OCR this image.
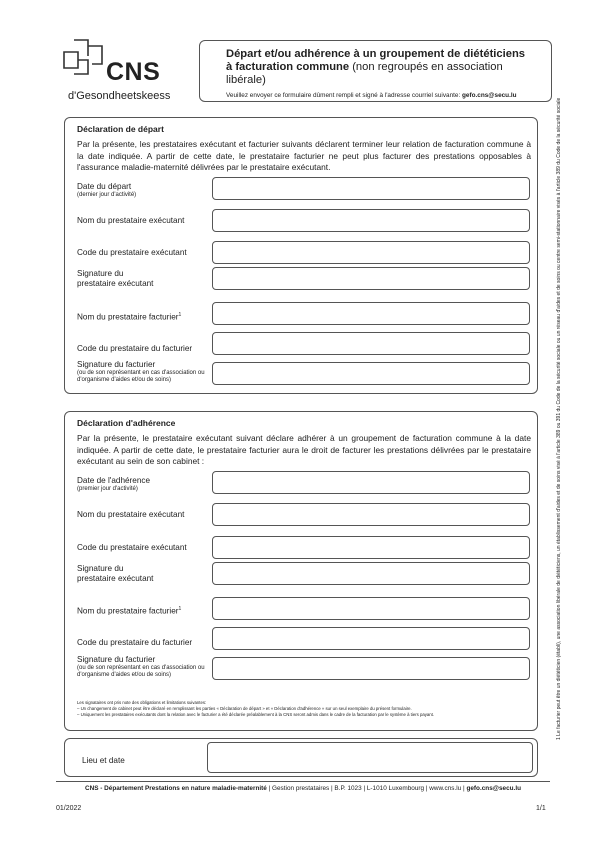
CNS
d'Gesondheetskeess
Départ et/ou adhérence à un groupement de diététiciens
à facturation commune (non regroupés en association libérale)
Veuillez envoyer ce formulaire dûment rempli et signé à l'adresse courriel suivante: gefo.cns@secu.lu
Déclaration de départ
Par la présente, les prestataires exécutant et facturier suivants déclarent terminer leur relation de facturation commune à la date indiquée. A partir de cette date, le prestataire facturier ne peut plus facturer des prestations opposables à l'assurance maladie-maternité délivrées par le prestataire exécutant.
Date du départ
(dernier jour d'activité)
Nom du prestataire exécutant
Code du prestataire exécutant
Signature du prestataire exécutant
Nom du prestataire facturier$^1$
Code du prestataire du facturier
Signature du facturier
(ou de son représentant en cas d'association ou d'organisme d'aides et/ou de soins)
Déclaration d'adhérence
Par la présente, le prestataire exécutant suivant déclare adhérer à un groupement de facturation commune à la date indiquée. A partir de cette date, le prestataire facturier aura le droit de facturer les prestations délivrées par le prestataire exécutant au sein de son cabinet :
Date de l'adhérence
(premier jour d'activité)
Nom du prestataire exécutant
Code du prestataire exécutant
Signature du prestataire exécutant
Nom du prestataire facturier$^1$
Code du prestataire du facturier
Signature du facturier
(ou de son représentant en cas d'association ou d'organisme d'aides et/ou de soins)
Les signataires ont pris note des obligations et limitations suivantes:
– Un changement de cabinet peut être déclaré en remplissant les parties « Déclaration de départ » et « Déclaration d'adhérence » sur un seul exemplaire du présent formulaire.
– Uniquement les prestataires exécutants dont la relation avec le facturier a été déclarée préalablement à la CNS seront admis dans le cadre de la facturation par le système à tiers payant.
Lieu et date
1 Le facturier peut être un diététicien (établi), une association libérale de diététiciens, un établissement d'aides et de soins visé à l'article 389 ou 391 du Code de la sécurité sociale ou un réseau d'aides et de soins ou centre semi-stationnaire visés à l'article 389 du Code de la sécurité sociale
CNS - Département Prestations en nature maladie-maternité | Gestion prestataires | B.P. 1023 | L-1010 Luxembourg | www.cns.lu | gefo.cns@secu.lu
01/2022	1/1
